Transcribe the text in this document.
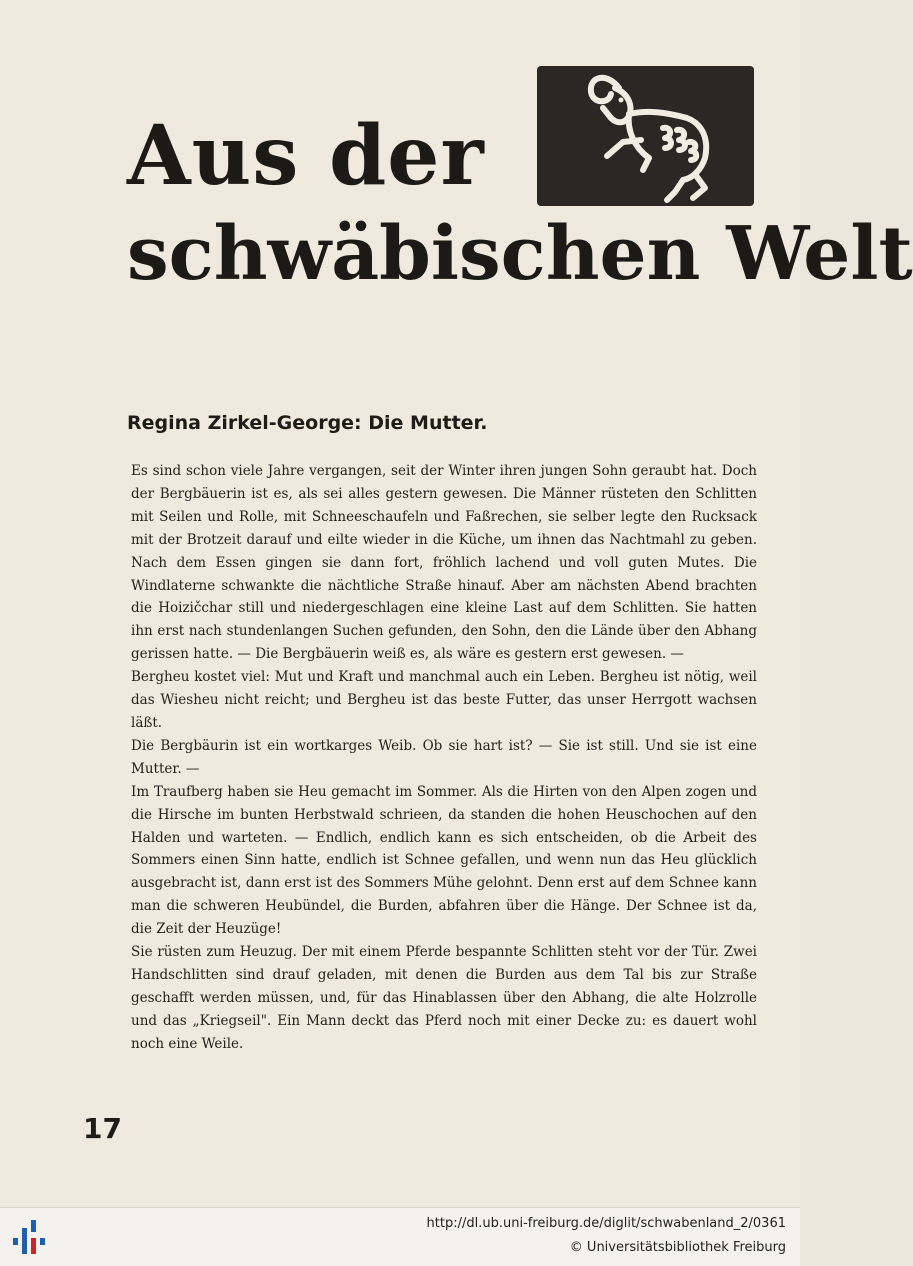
Aus der
schwäbischen Welt
Regina Zirkel-George: Die Mutter.

Es sind schon viele Jahre vergangen, seit der Winter ihren jungen Sohn geraubt hat. Doch der Bergbäuerin ist es, als sei alles gestern gewesen. Die Männer rüsteten den Schlitten mit Seilen und Rolle, mit Schneeschaufeln und Faßrechen, sie selber legte den Rucksack mit der Brotzeit darauf und eilte wieder in die Küche, um ihnen das Nachtmahl zu geben. Nach dem Essen gingen sie dann fort, fröhlich lachend und voll guten Mutes. Die Windlaterne schwankte die nächtliche Straße hinauf. Aber am nächsten Abend brachten die Hoizičchar still und niedergeschlagen eine kleine Last auf dem Schlitten. Sie hatten ihn erst nach stundenlangen Suchen gefunden, den Sohn, den die Lände über den Abhang gerissen hatte. — Die Bergbäuerin weiß es, als wäre es gestern erst gewesen. —

Bergheu kostet viel: Mut und Kraft und manchmal auch ein Leben. Bergheu ist nötig, weil das Wiesheu nicht reicht; und Bergheu ist das beste Futter, das unser Herrgott wachsen läßt.

Die Bergbäurin ist ein wortkarges Weib. Ob sie hart ist? — Sie ist still. Und sie ist eine Mutter. —

Im Traufberg haben sie Heu gemacht im Sommer. Als die Hirten von den Alpen zogen und die Hirsche im bunten Herbstwald schrieen, da standen die hohen Heuschochen auf den Halden und warteten. — Endlich, endlich kann es sich entscheiden, ob die Arbeit des Sommers einen Sinn hatte, endlich ist Schnee gefallen, und wenn nun das Heu glücklich ausgebracht ist, dann erst ist des Sommers Mühe gelohnt. Denn erst auf dem Schnee kann man die schweren Heubündel, die Burden, abfahren über die Hänge. Der Schnee ist da, die Zeit der Heuzüge!

Sie rüsten zum Heuzug. Der mit einem Pferde bespannte Schlitten steht vor der Tür. Zwei Handschlitten sind drauf geladen, mit denen die Burden aus dem Tal bis zur Straße geschafft werden müssen, und, für das Hinablassen über den Abhang, die alte Holzrolle und das „Kriegseil". Ein Mann deckt das Pferd noch mit einer Decke zu: es dauert wohl noch eine Weile.

17
http://dl.ub.uni-freiburg.de/diglit/schwabenland_2/0361
© Universitätsbibliothek Freiburg
